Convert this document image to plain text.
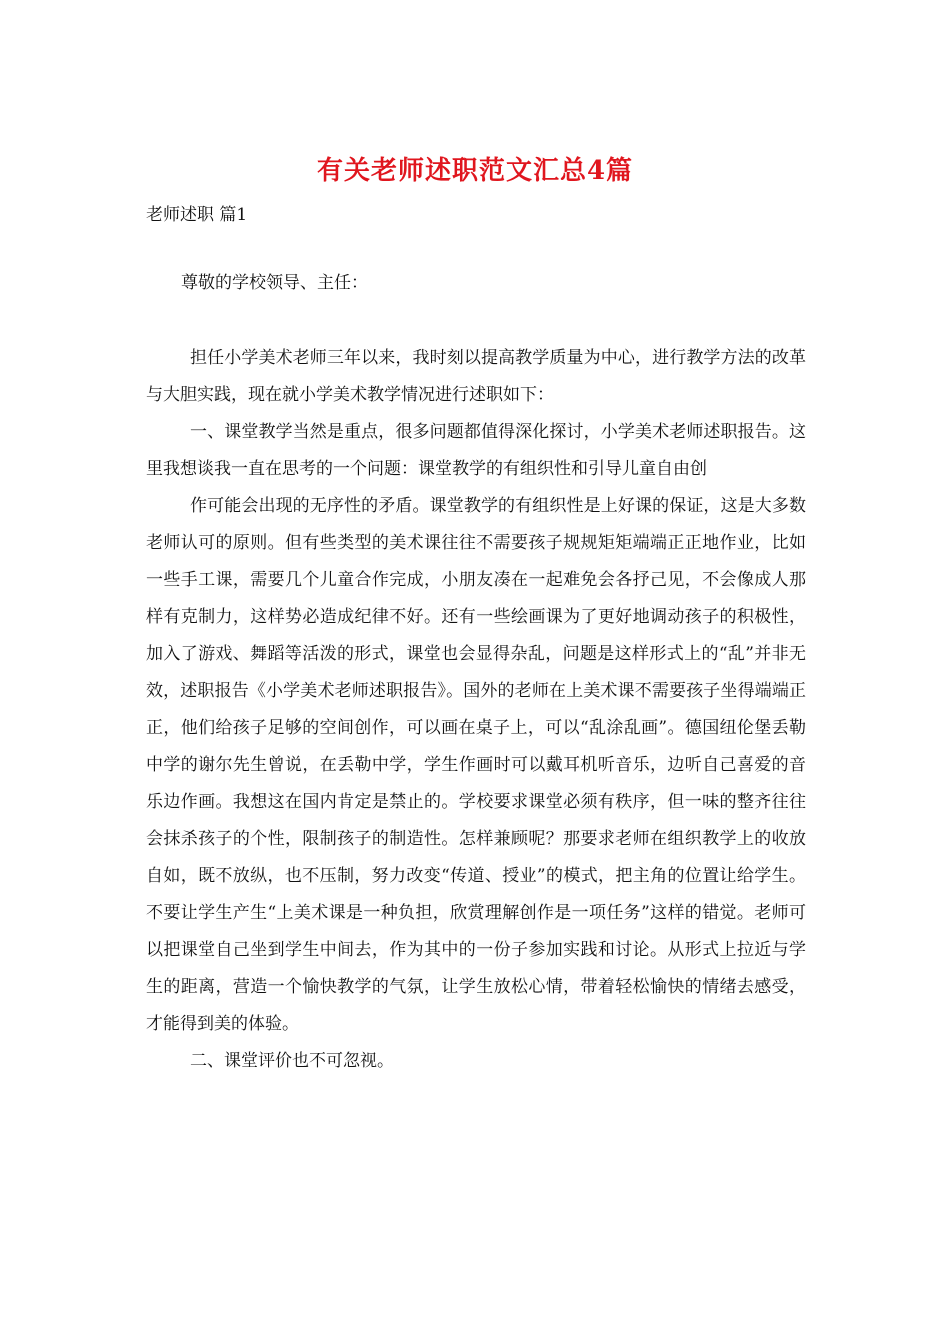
有关老师述职范文汇总4篇
老师述职 篇1

尊敬的学校领导、主任：

担任小学美术老师三年以来，我时刻以提高教学质量为中心，进行教学方法的改革与大胆实践，现在就小学美术教学情况进行述职如下：

一、课堂教学当然是重点，很多问题都值得深化探讨，小学美术老师述职报告。这里我想谈我一直在思考的一个问题：课堂教学的有组织性和引导儿童自由创

作可能会出现的无序性的矛盾。课堂教学的有组织性是上好课的保证，这是大多数老师认可的原则。但有些类型的美术课往往不需要孩子规规矩矩端端正正地作业，比如一些手工课，需要几个儿童合作完成，小朋友凑在一起难免会各抒己见，不会像成人那样有克制力，这样势必造成纪律不好。还有一些绘画课为了更好地调动孩子的积极性，加入了游戏、舞蹈等活泼的形式，课堂也会显得杂乱，问题是这样形式上的“乱”并非无效，述职报告《小学美术老师述职报告》。国外的老师在上美术课不需要孩子坐得端端正正，他们给孩子足够的空间创作，可以画在桌子上，可以“乱涂乱画”。德国纽伦堡丢勒中学的谢尔先生曾说，在丢勒中学，学生作画时可以戴耳机听音乐，边听自己喜爱的音乐边作画。我想这在国内肯定是禁止的。学校要求课堂必须有秩序，但一味的整齐往往会抹杀孩子的个性，限制孩子的制造性。怎样兼顾呢？那要求老师在组织教学上的收放自如，既不放纵，也不压制，努力改变“传道、授业”的模式，把主角的位置让给学生。不要让学生产生“上美术课是一种负担，欣赏理解创作是一项任务”这样的错觉。老师可以把课堂自己坐到学生中间去，作为其中的一份子参加实践和讨论。从形式上拉近与学生的距离，营造一个愉快教学的气氛，让学生放松心情，带着轻松愉快的情绪去感受，才能得到美的体验。

二、课堂评价也不可忽视。
